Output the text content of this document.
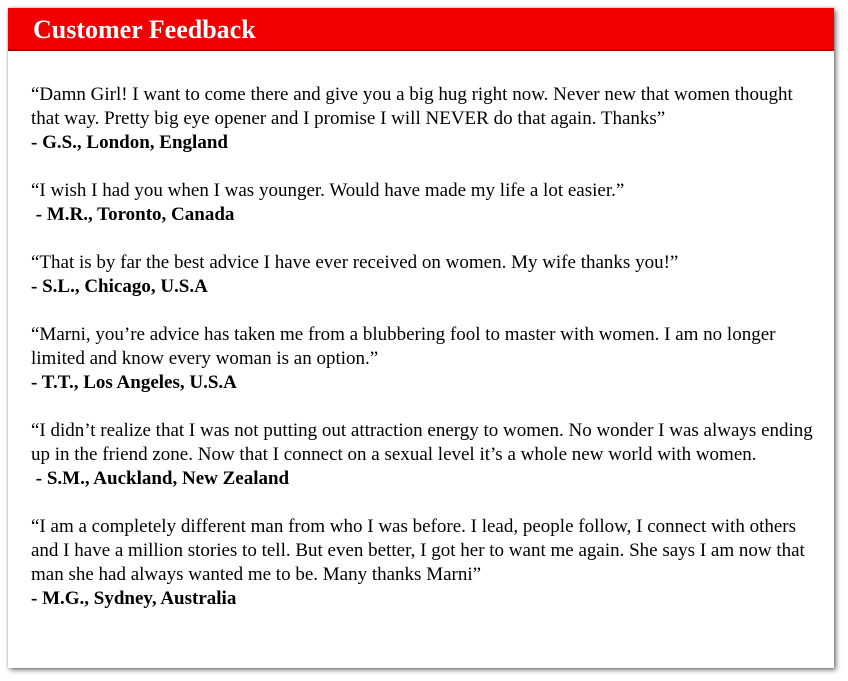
Customer Feedback
“Damn Girl! I want to come there and give you a big hug right now. Never new that women thought that way. Pretty big eye opener and I promise I will NEVER do that again. Thanks”
- G.S., London, England
“I wish I had you when I was younger. Would have made my life a lot easier.”
- M.R., Toronto, Canada
“That is by far the best advice I have ever received on women. My wife thanks you!”
- S.L., Chicago, U.S.A
“Marni, you’re advice has taken me from a blubbering fool to master with women. I am no longer limited and know every woman is an option.”
- T.T., Los Angeles, U.S.A
“I didn’t realize that I was not putting out attraction energy to women. No wonder I was always ending up in the friend zone. Now that I connect on a sexual level it’s a whole new world with women.
- S.M., Auckland, New Zealand
“I am a completely different man from who I was before. I lead, people follow, I connect with others and I have a million stories to tell. But even better, I got her to want me again. She says I am now that man she had always wanted me to be. Many thanks Marni”
- M.G., Sydney, Australia
